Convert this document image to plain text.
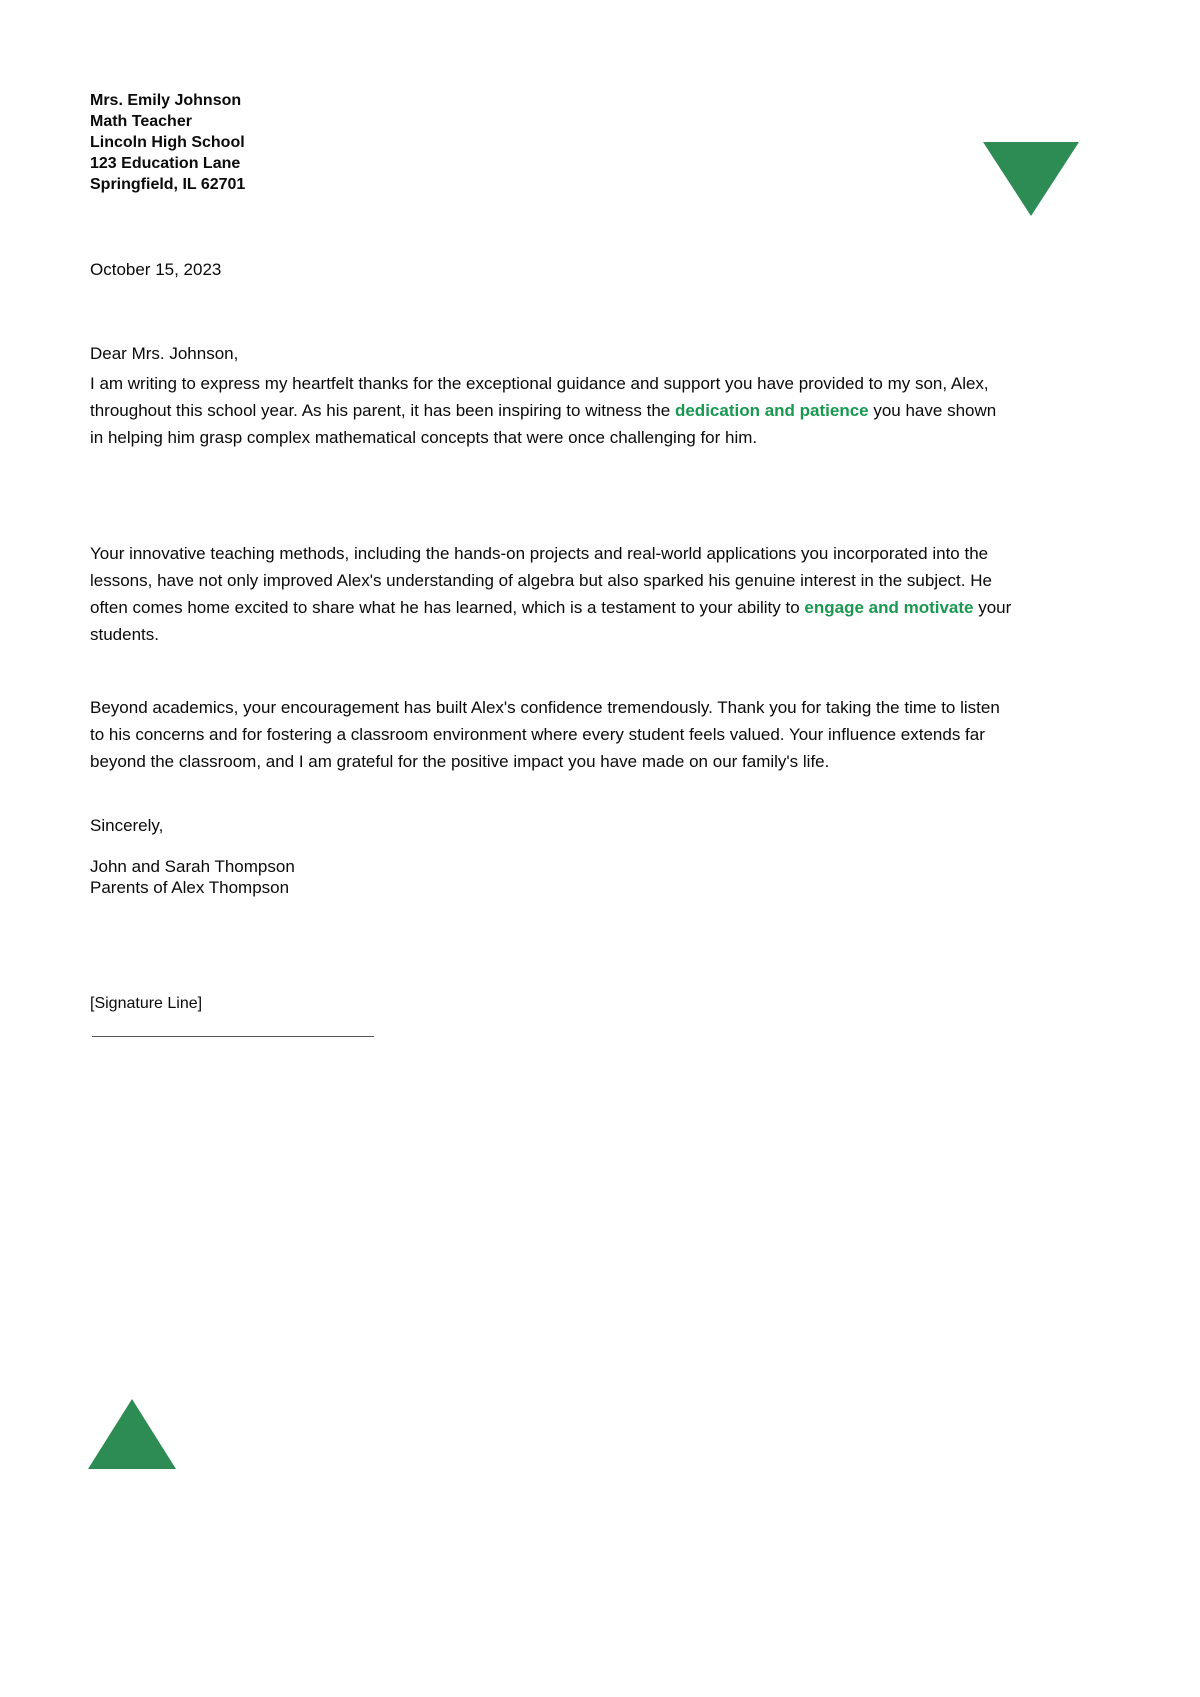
Mrs. Emily Johnson
Math Teacher
Lincoln High School
123 Education Lane
Springfield, IL 62701
October 15, 2023
Dear Mrs. Johnson,

I am writing to express my heartfelt thanks for the exceptional guidance and support you have provided to my son, Alex, throughout this school year. As his parent, it has been inspiring to witness the dedication and patience you have shown in helping him grasp complex mathematical concepts that were once challenging for him.

Your innovative teaching methods, including the hands-on projects and real-world applications you incorporated into the lessons, have not only improved Alex's understanding of algebra but also sparked his genuine interest in the subject. He often comes home excited to share what he has learned, which is a testament to your ability to engage and motivate your students.

Beyond academics, your encouragement has built Alex's confidence tremendously. Thank you for taking the time to listen to his concerns and for fostering a classroom environment where every student feels valued. Your influence extends far beyond the classroom, and I am grateful for the positive impact you have made on our family's life.

Sincerely,
John and Sarah Thompson
Parents of Alex Thompson
[Signature Line]
